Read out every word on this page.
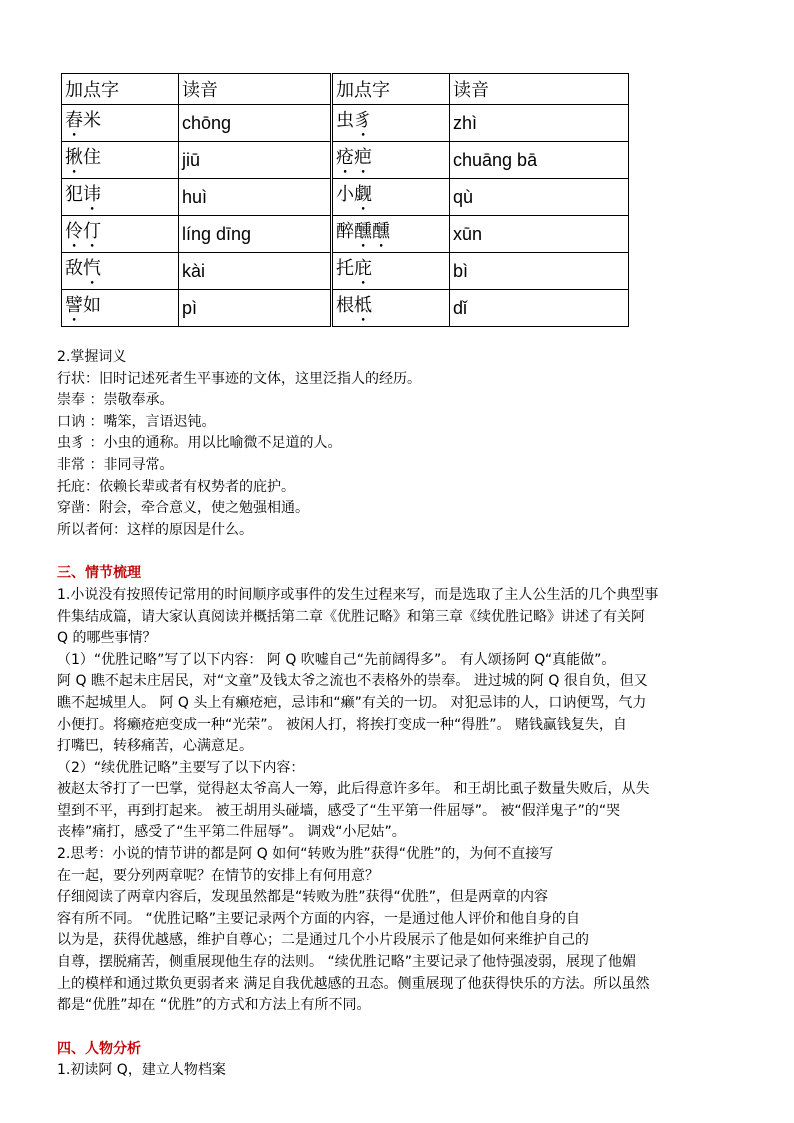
加点字	读音	加点字	读音
舂米	chōng	虫豸	zhì
揪住	jiū	疮疤	chuāng bā
犯讳	huì	小觑	qù
伶仃	líng dīng	醉醺醺	xūn
敌忾	kài	托庇	bì
譬如	pì	根柢	dǐ

2.掌握词义

行状：旧时记述死者生平事迹的文体，这里泛指人的经历。

崇奉 ：崇敬奉承。

口讷 ：嘴笨，言语迟钝。

虫豸 ：小虫的通称。用以比喻微不足道的人。

非常 ：非同寻常。

托庇：依赖长辈或者有权势者的庇护。

穿凿：附会，牵合意义，使之勉强相通。

所以者何：这样的原因是什么。

三、情节梳理

1.小说没有按照传记常用的时间顺序或事件的发生过程来写，而是选取了主人公生活的几个典型事

件集结成篇，请大家认真阅读并概括第二章《优胜记略》和第三章《续优胜记略》讲述了有关阿

Q 的哪些事情？

（1）“优胜记略”写了以下内容： 阿 Q 吹嘘自己“先前阔得多”。 有人颂扬阿 Q“真能做”。

阿 Q 瞧不起未庄居民，对“文童”及钱太爷之流也不表格外的崇奉。 进过城的阿 Q 很自负，但又

瞧不起城里人。 阿 Q 头上有癞疮疤，忌讳和“癞”有关的一切。 对犯忌讳的人，口讷便骂，气力

小便打。将癞疮疤变成一种“光荣”。 被闲人打，将挨打变成一种“得胜”。 赌钱赢钱复失，自

打嘴巴，转移痛苦，心满意足。

（2）“续优胜记略”主要写了以下内容：

被赵太爷打了一巴掌，觉得赵太爷高人一筹，此后得意许多年。 和王胡比虱子数量失败后，从失

望到不平，再到打起来。 被王胡用头碰墙，感受了“生平第一件屈辱”。 被“假洋鬼子”的“哭

丧棒”痛打，感受了“生平第二件屈辱”。 调戏“小尼姑”。

2.思考：小说的情节讲的都是阿 Q 如何“转败为胜”获得“优胜”的，为何不直接写

在一起，要分列两章呢？在情节的安排上有何用意？

仔细阅读了两章内容后，发现虽然都是“转败为胜”获得“优胜”，但是两章的内容

容有所不同。 “优胜记略”主要记录两个方面的内容，一是通过他人评价和他自身的自

以为是，获得优越感，维护自尊心；二是通过几个小片段展示了他是如何来维护自己的

自尊，摆脱痛苦，侧重展现他生存的法则。 “续优胜记略”主要记录了他恃强凌弱，展现了他媚

上的模样和通过欺负更弱者来 满足自我优越感的丑态。侧重展现了他获得快乐的方法。所以虽然

都是“优胜”却在 “优胜”的方式和方法上有所不同。

四、人物分析

1.初读阿 Q，建立人物档案
